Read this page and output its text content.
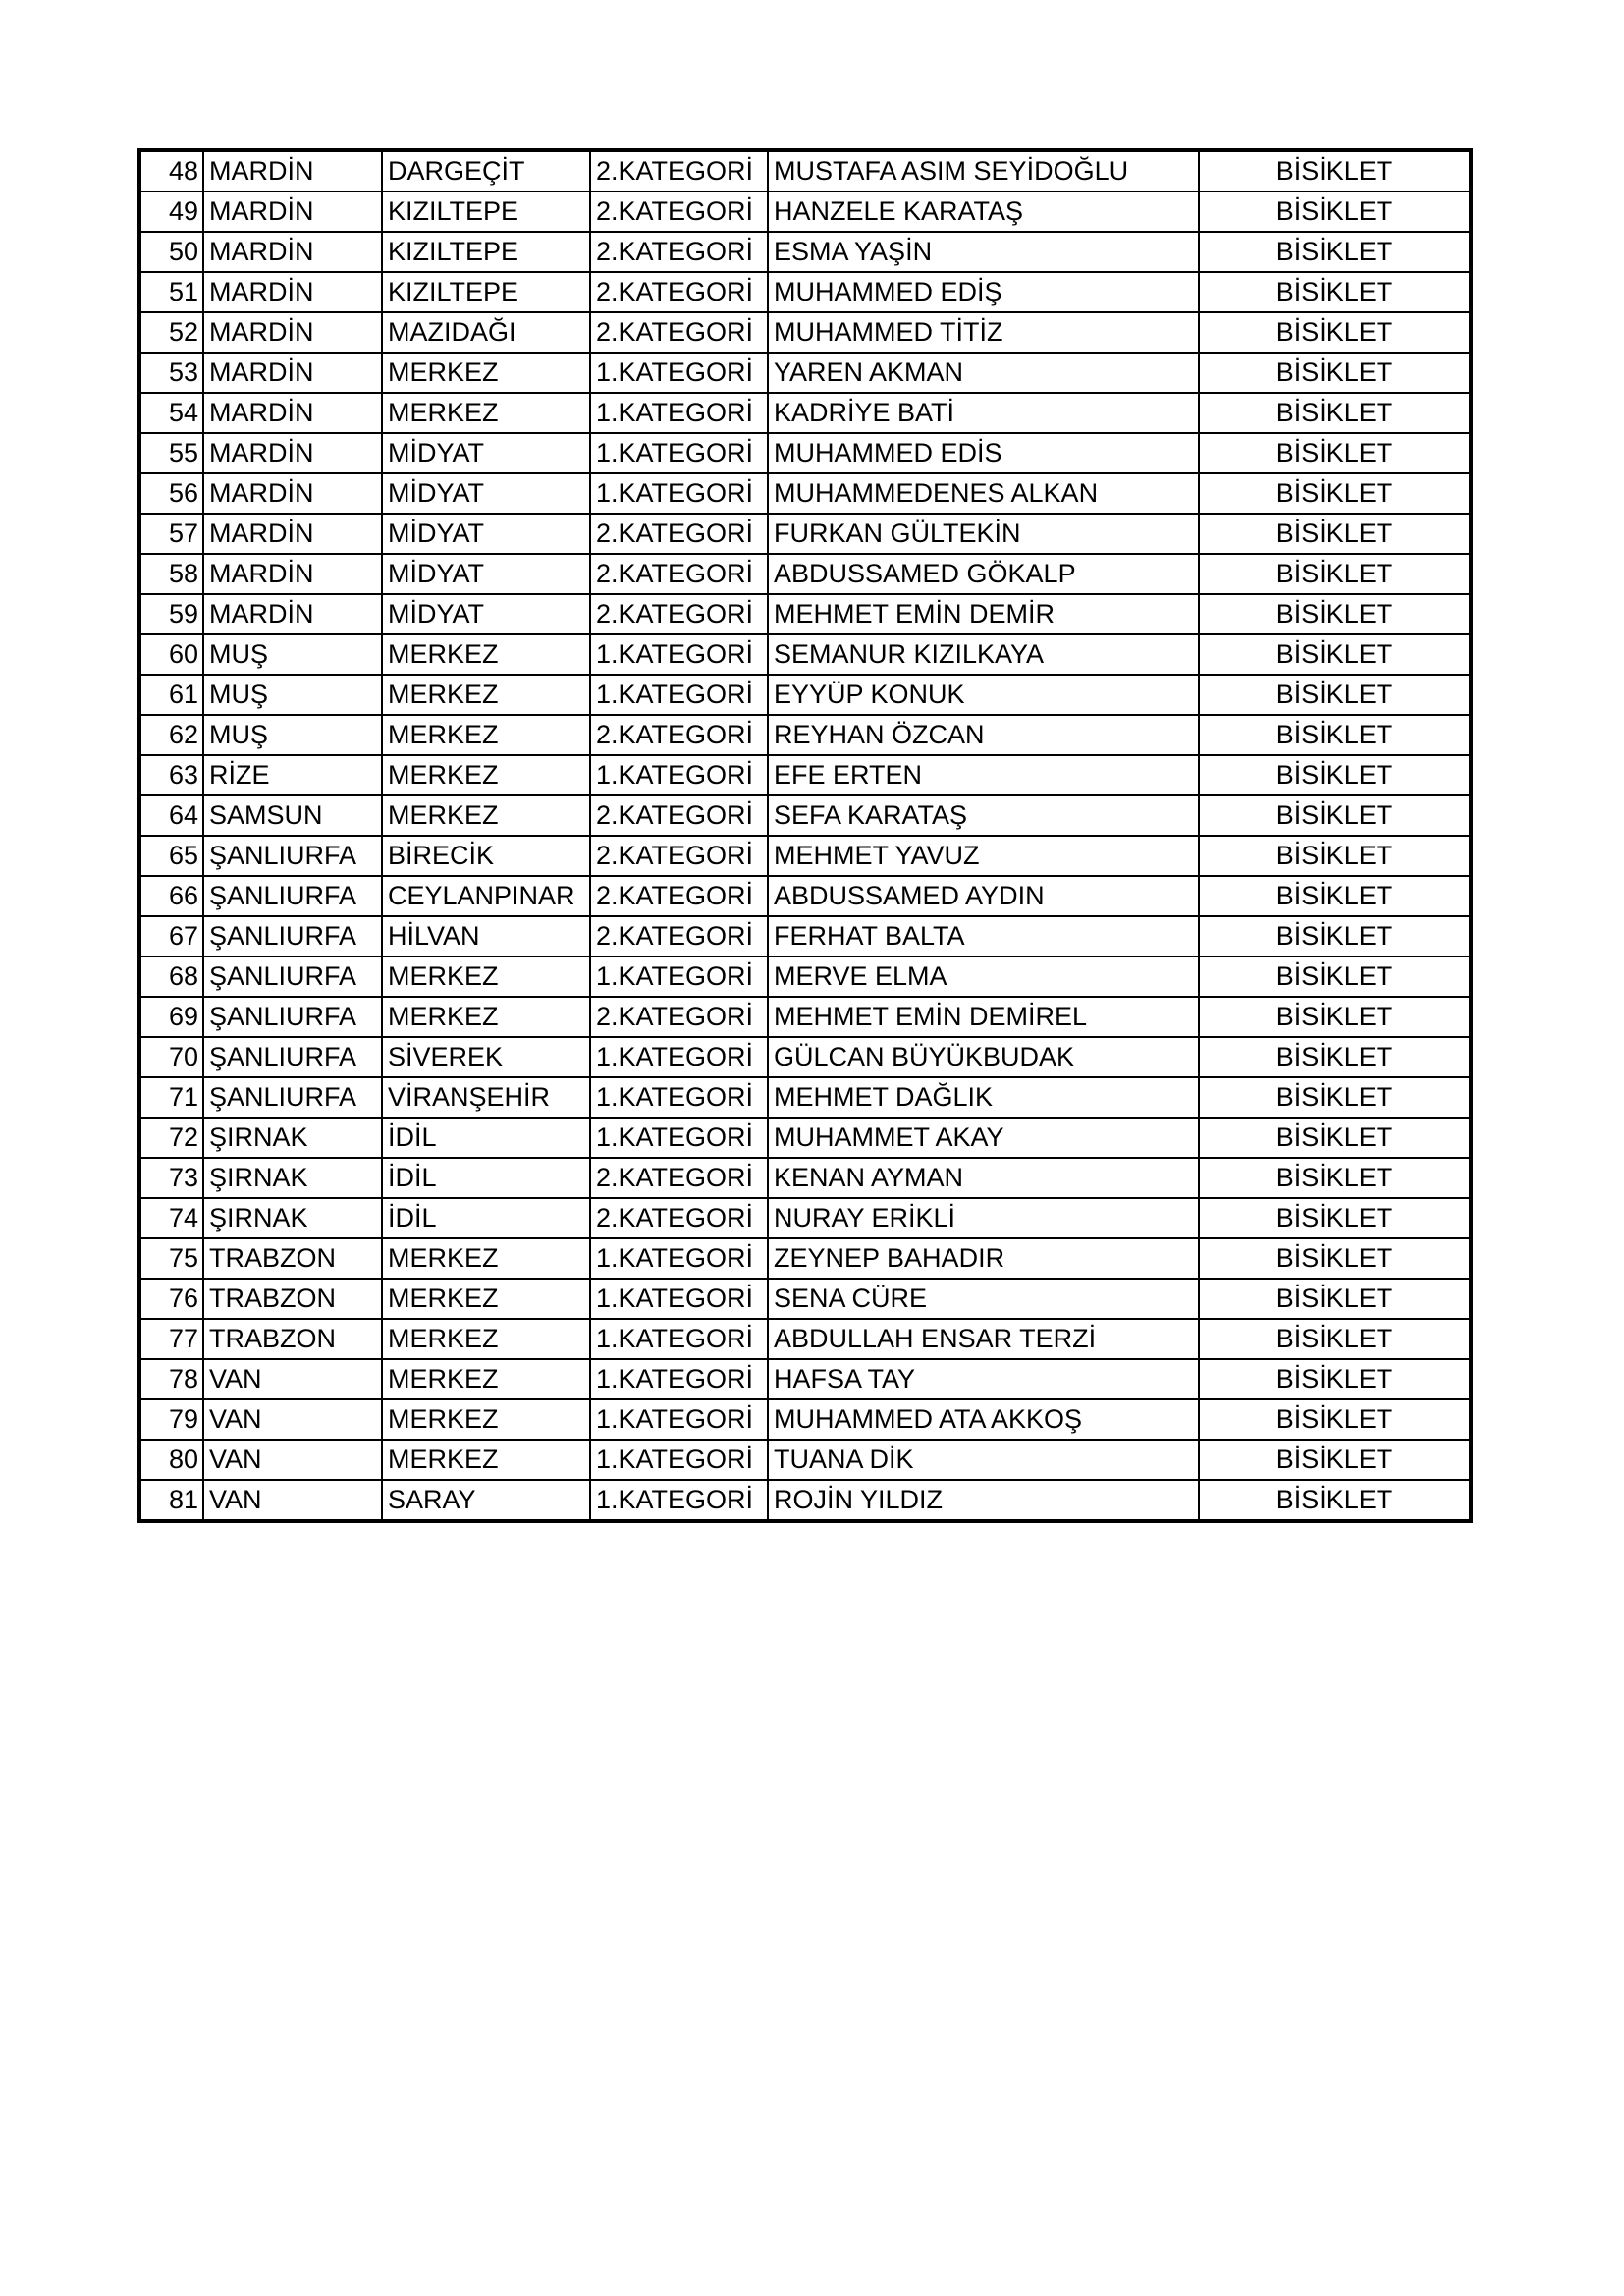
48	MARDİN	DARGEÇİT	2.KATEGORİ	MUSTAFA ASIM SEYİDOĞLU	BİSİKLET
49	MARDİN	KIZILTEPE	2.KATEGORİ	HANZELE KARATAŞ	BİSİKLET
50	MARDİN	KIZILTEPE	2.KATEGORİ	ESMA YAŞİN	BİSİKLET
51	MARDİN	KIZILTEPE	2.KATEGORİ	MUHAMMED EDİŞ	BİSİKLET
52	MARDİN	MAZIDAĞI	2.KATEGORİ	MUHAMMED TİTİZ	BİSİKLET
53	MARDİN	MERKEZ	1.KATEGORİ	YAREN AKMAN	BİSİKLET
54	MARDİN	MERKEZ	1.KATEGORİ	KADRİYE BATİ	BİSİKLET
55	MARDİN	MİDYAT	1.KATEGORİ	MUHAMMED EDİS	BİSİKLET
56	MARDİN	MİDYAT	1.KATEGORİ	MUHAMMEDENES ALKAN	BİSİKLET
57	MARDİN	MİDYAT	2.KATEGORİ	FURKAN GÜLTEKİN	BİSİKLET
58	MARDİN	MİDYAT	2.KATEGORİ	ABDUSSAMED GÖKALP	BİSİKLET
59	MARDİN	MİDYAT	2.KATEGORİ	MEHMET EMİN DEMİR	BİSİKLET
60	MUŞ	MERKEZ	1.KATEGORİ	SEMANUR KIZILKAYA	BİSİKLET
61	MUŞ	MERKEZ	1.KATEGORİ	EYYÜP KONUK	BİSİKLET
62	MUŞ	MERKEZ	2.KATEGORİ	REYHAN ÖZCAN	BİSİKLET
63	RİZE	MERKEZ	1.KATEGORİ	EFE ERTEN	BİSİKLET
64	SAMSUN	MERKEZ	2.KATEGORİ	SEFA KARATAŞ	BİSİKLET
65	ŞANLIURFA	BİRECİK	2.KATEGORİ	MEHMET YAVUZ	BİSİKLET
66	ŞANLIURFA	CEYLANPINAR	2.KATEGORİ	ABDUSSAMED AYDIN	BİSİKLET
67	ŞANLIURFA	HİLVAN	2.KATEGORİ	FERHAT BALTA	BİSİKLET
68	ŞANLIURFA	MERKEZ	1.KATEGORİ	MERVE ELMA	BİSİKLET
69	ŞANLIURFA	MERKEZ	2.KATEGORİ	MEHMET EMİN DEMİREL	BİSİKLET
70	ŞANLIURFA	SİVEREK	1.KATEGORİ	GÜLCAN BÜYÜKBUDAK	BİSİKLET
71	ŞANLIURFA	VİRANŞEHİR	1.KATEGORİ	MEHMET DAĞLIK	BİSİKLET
72	ŞIRNAK	İDİL	1.KATEGORİ	MUHAMMET AKAY	BİSİKLET
73	ŞIRNAK	İDİL	2.KATEGORİ	KENAN AYMAN	BİSİKLET
74	ŞIRNAK	İDİL	2.KATEGORİ	NURAY ERİKLİ	BİSİKLET
75	TRABZON	MERKEZ	1.KATEGORİ	ZEYNEP BAHADIR	BİSİKLET
76	TRABZON	MERKEZ	1.KATEGORİ	SENA CÜRE	BİSİKLET
77	TRABZON	MERKEZ	1.KATEGORİ	ABDULLAH ENSAR TERZİ	BİSİKLET
78	VAN	MERKEZ	1.KATEGORİ	HAFSA TAY	BİSİKLET
79	VAN	MERKEZ	1.KATEGORİ	MUHAMMED ATA AKKOŞ	BİSİKLET
80	VAN	MERKEZ	1.KATEGORİ	TUANA DİK	BİSİKLET
81	VAN	SARAY	1.KATEGORİ	ROJİN YILDIZ	BİSİKLET
